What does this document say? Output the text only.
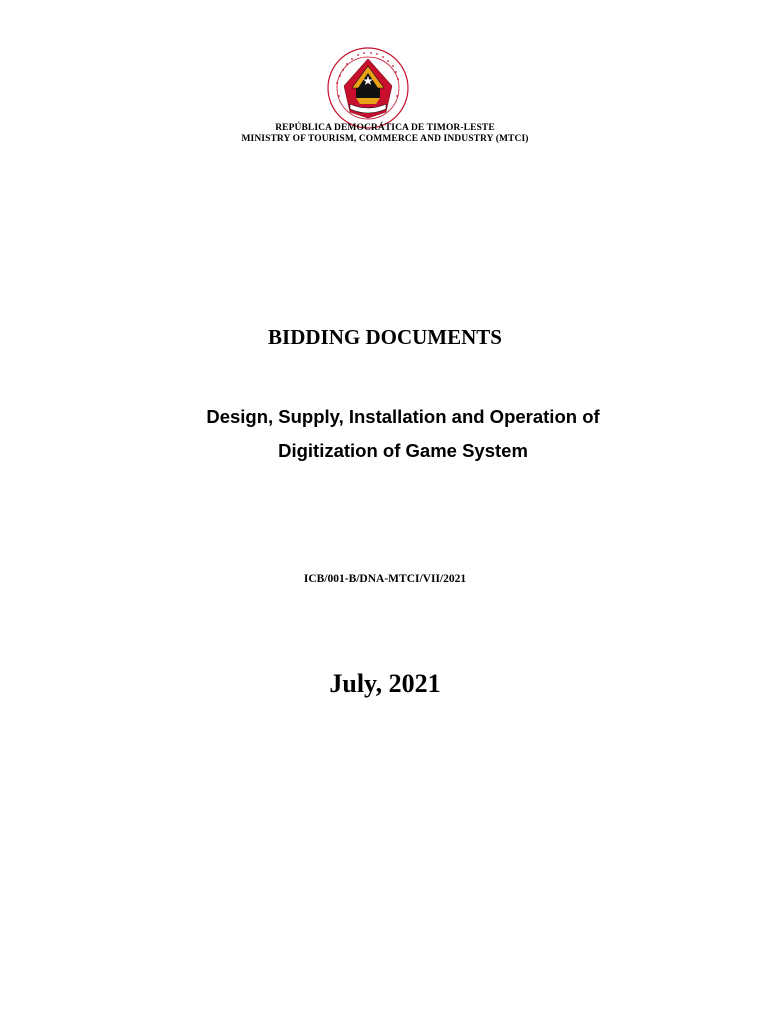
REPÚBLICA DEMOCRÁTICA DE TIMOR-LESTE
MINISTRY OF TOURISM, COMMERCE AND INDUSTRY (MTCI)
BIDDING DOCUMENTS
Design, Supply, Installation and Operation of
Digitization of Game System
ICB/001-B/DNA-MTCI/VII/2021
July, 2021
